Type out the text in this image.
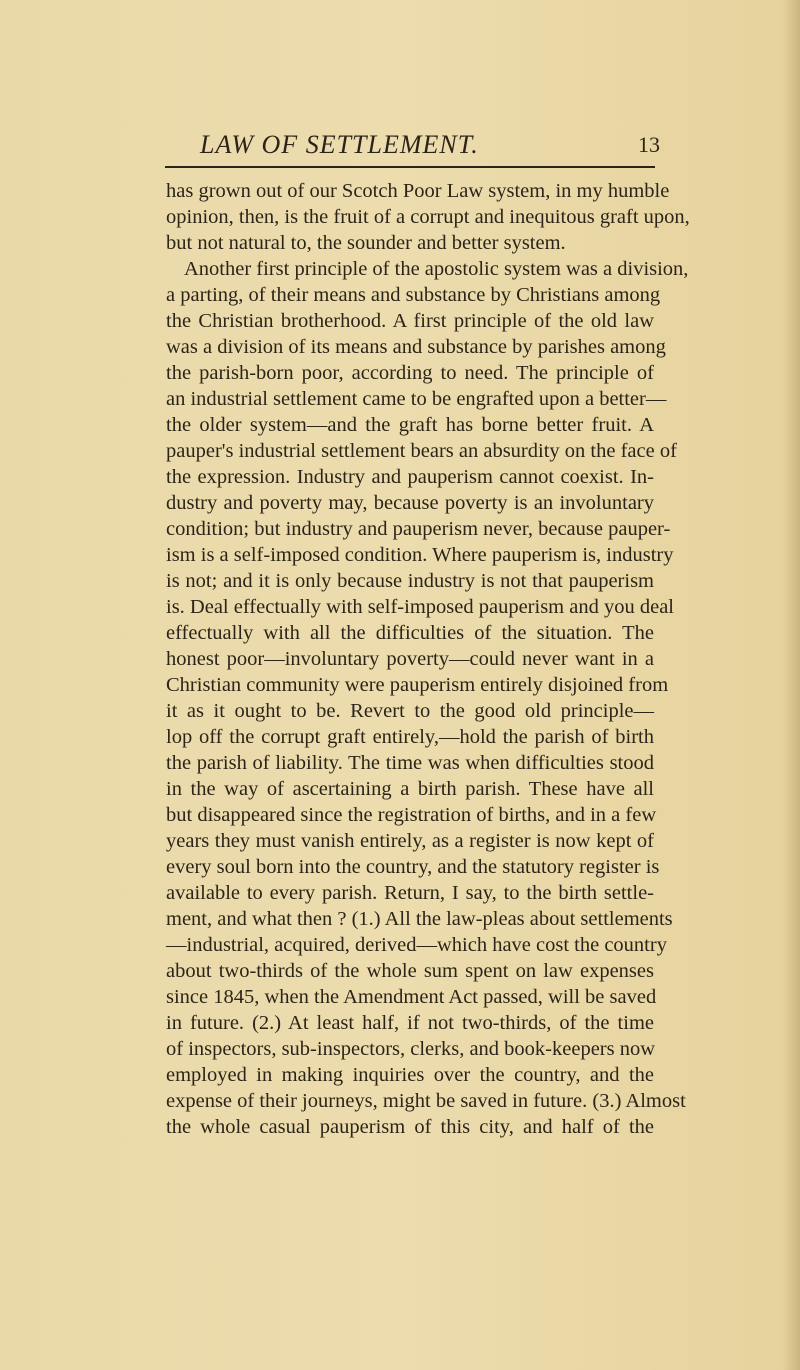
LAW OF SETTLEMENT.	13
has grown out of our Scotch Poor Law system, in my humble
opinion, then, is the fruit of a corrupt and inequitous graft upon,
but not natural to, the sounder and better system.
Another first principle of the apostolic system was a division,
a parting, of their means and substance by Christians among
the Christian brotherhood. A first principle of the old law
was a division of its means and substance by parishes among
the parish-born poor, according to need. The principle of
an industrial settlement came to be engrafted upon a better—
the older system—and the graft has borne better fruit. A
pauper's industrial settlement bears an absurdity on the face of
the expression. Industry and pauperism cannot coexist. In-
dustry and poverty may, because poverty is an involuntary
condition; but industry and pauperism never, because pauper-
ism is a self-imposed condition. Where pauperism is, industry
is not; and it is only because industry is not that pauperism
is. Deal effectually with self-imposed pauperism and you deal
effectually with all the difficulties of the situation. The
honest poor—involuntary poverty—could never want in a
Christian community were pauperism entirely disjoined from
it as it ought to be. Revert to the good old principle—
lop off the corrupt graft entirely,—hold the parish of birth
the parish of liability. The time was when difficulties stood
in the way of ascertaining a birth parish. These have all
but disappeared since the registration of births, and in a few
years they must vanish entirely, as a register is now kept of
every soul born into the country, and the statutory register is
available to every parish. Return, I say, to the birth settle-
ment, and what then ? (1.) All the law-pleas about settlements
—industrial, acquired, derived—which have cost the country
about two-thirds of the whole sum spent on law expenses
since 1845, when the Amendment Act passed, will be saved
in future. (2.) At least half, if not two-thirds, of the time
of inspectors, sub-inspectors, clerks, and book-keepers now
employed in making inquiries over the country, and the
expense of their journeys, might be saved in future. (3.) Almost
the whole casual pauperism of this city, and half of the
